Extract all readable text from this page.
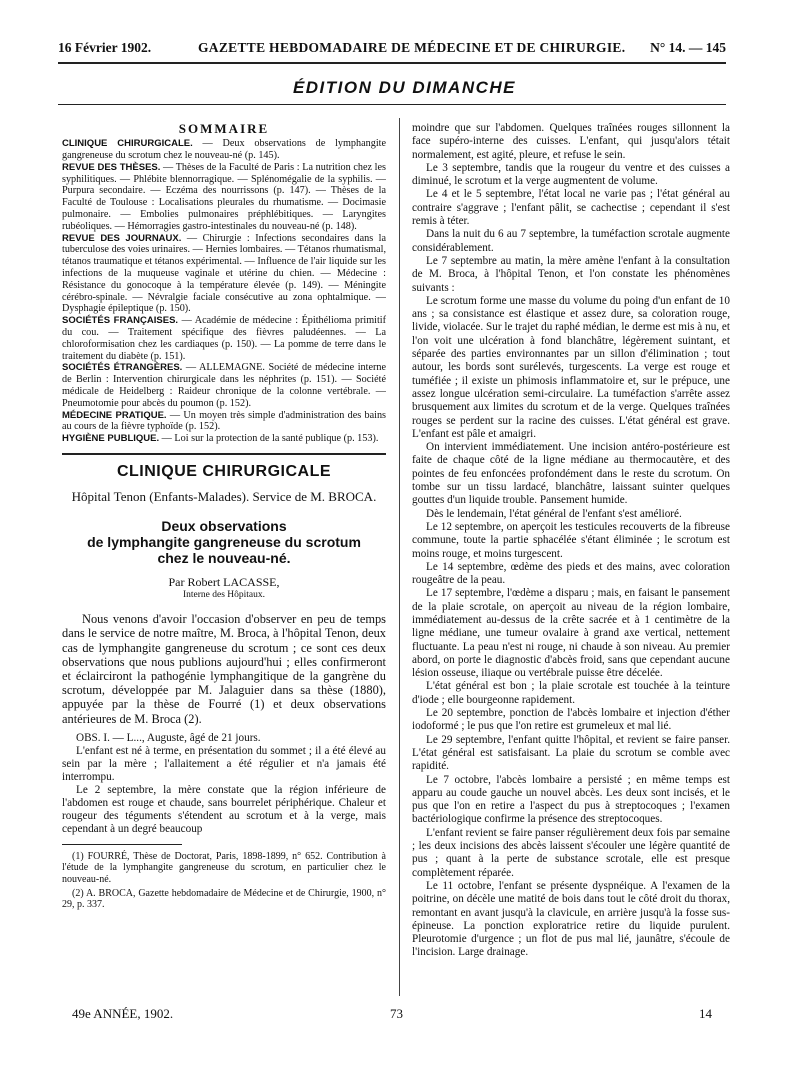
16 Février 1902.	GAZETTE HEBDOMADAIRE DE MÉDECINE ET DE CHIRURGIE. N° 14. — 145
ÉDITION DU DIMANCHE
SOMMAIRE

CLINIQUE CHIRURGICALE. — Deux observations de lymphangite gangreneuse du scrotum chez le nouveau-né (p. 145).

REVUE DES THÈSES. — Thèses de la Faculté de Paris : La nutrition chez les syphilitiques. — Phlébite blennorragique. — Splénomégalie de la syphilis. — Purpura secondaire. — Eczéma des nourrissons (p. 147). — Thèses de la Faculté de Toulouse : Localisations pleurales du rhumatisme. — Docimasie pulmonaire. — Embolies pulmonaires préphlébitiques. — Laryngites rubéoliques. — Hémorragies gastro-intestinales du nouveau-né (p. 148).

REVUE DES JOURNAUX. — Chirurgie : Infections secondaires dans la tuberculose des voies urinaires. — Hernies lombaires. — Tétanos rhumatismal, tétanos traumatique et tétanos expérimental. — Influence de l'air liquide sur les infections de la muqueuse vaginale et utérine du chien. — Médecine : Résistance du gonocoque à la température élevée (p. 149). — Méningite cérébro-spinale. — Névralgie faciale consécutive au zona ophtalmique. — Dysphagie épileptique (p. 150).

SOCIÉTÉS FRANÇAISES. — Académie de médecine : Épithélioma primitif du cou. — Traitement spécifique des fièvres paludéennes. — La chloroformisation chez les cardiaques (p. 150). — La pomme de terre dans le traitement du diabète (p. 151).

SOCIÉTÉS ÉTRANGÈRES. — ALLEMAGNE. Société de médecine interne de Berlin : Intervention chirurgicale dans les néphrites (p. 151). — Société médicale de Heidelberg : Raideur chronique de la colonne vertébrale. — Pneumotomie pour abcès du poumon (p. 152).

MÉDECINE PRATIQUE. — Un moyen très simple d'administration des bains au cours de la fièvre typhoïde (p. 152).

HYGIÈNE PUBLIQUE. — Loi sur la protection de la santé publique (p. 153).

CLINIQUE CHIRURGICALE
Hôpital Tenon (Enfants-Malades). Service de M. BROCA.
Deux observations
de lymphangite gangreneuse du scrotum
chez le nouveau-né.
Par Robert LACASSE,
Interne des Hôpitaux.

Nous venons d'avoir l'occasion d'observer en peu de temps dans le service de notre maître, M. Broca, à l'hôpital Tenon, deux cas de lymphangite gangreneuse du scrotum ; ce sont ces deux observations que nous publions aujourd'hui ; elles confirmeront et éclairciront la pathogénie lymphangitique de la gangrène du scrotum, développée par M. Jalaguier dans sa thèse (1880), appuyée par la thèse de Fourré (1) et deux observations antérieures de M. Broca (2).

OBS. I. — L..., Auguste, âgé de 21 jours.

L'enfant est né à terme, en présentation du sommet ; il a été élevé au sein par la mère ; l'allaitement a été régulier et n'a jamais été interrompu.

Le 2 septembre, la mère constate que la région inférieure de l'abdomen est rouge et chaude, sans bourrelet périphérique. Chaleur et rougeur des téguments s'étendent au scrotum et à la verge, mais cependant à un degré beaucoup

(1) FOURRÉ, Thèse de Doctorat, Paris, 1898-1899, n° 652. Contribution à l'étude de la lymphangite gangreneuse du scrotum, en particulier chez le nouveau-né.

(2) A. BROCA, Gazette hebdomadaire de Médecine et de Chirurgie, 1900, n° 29, p. 337.

moindre que sur l'abdomen. Quelques traînées rouges sillonnent la face supéro-interne des cuisses. L'enfant, qui jusqu'alors tétait normalement, est agité, pleure, et refuse le sein.

Le 3 septembre, tandis que la rougeur du ventre et des cuisses a diminué, le scrotum et la verge augmentent de volume.

Le 4 et le 5 septembre, l'état local ne varie pas ; l'état général au contraire s'aggrave ; l'enfant pâlit, se cachectise ; cependant il s'est remis à téter.

Dans la nuit du 6 au 7 septembre, la tuméfaction scrotale augmente considérablement.

Le 7 septembre au matin, la mère amène l'enfant à la consultation de M. Broca, à l'hôpital Tenon, et l'on constate les phénomènes suivants :

Le scrotum forme une masse du volume du poing d'un enfant de 10 ans ; sa consistance est élastique et assez dure, sa coloration rouge, livide, violacée. Sur le trajet du raphé médian, le derme est mis à nu, et l'on voit une ulcération à fond blanchâtre, légèrement suintant, et séparée des parties environnantes par un sillon d'élimination ; tout autour, les bords sont surélevés, turgescents. La verge est rouge et tuméfiée ; il existe un phimosis inflammatoire et, sur le prépuce, une assez longue ulcération semi-circulaire. La tuméfaction s'arrête assez brusquement aux limites du scrotum et de la verge. Quelques traînées rouges se perdent sur la racine des cuisses. L'état général est grave. L'enfant est pâle et amaigri.

On intervient immédiatement. Une incision antéro-postérieure est faite de chaque côté de la ligne médiane au thermocautère, et des pointes de feu enfoncées profondément dans le reste du scrotum. On tombe sur un tissu lardacé, blanchâtre, laissant suinter quelques gouttes d'un liquide trouble. Pansement humide.

Dès le lendemain, l'état général de l'enfant s'est amélioré.

Le 12 septembre, on aperçoit les testicules recouverts de la fibreuse commune, toute la partie sphacélée s'étant éliminée ; le scrotum est moins rouge, et moins turgescent.

Le 14 septembre, œdème des pieds et des mains, avec coloration rougeâtre de la peau.

Le 17 septembre, l'œdème a disparu ; mais, en faisant le pansement de la plaie scrotale, on aperçoit au niveau de la région lombaire, immédiatement au-dessus de la crête sacrée et à 1 centimètre de la ligne médiane, une tumeur ovalaire à grand axe vertical, nettement fluctuante. La peau n'est ni rouge, ni chaude à son niveau. Au premier abord, on porte le diagnostic d'abcès froid, sans que cependant aucune lésion osseuse, iliaque ou vertébrale puisse être décelée.

L'état général est bon ; la plaie scrotale est touchée à la teinture d'iode ; elle bourgeonne rapidement.

Le 20 septembre, ponction de l'abcès lombaire et injection d'éther iodoformé ; le pus que l'on retire est grumeleux et mal lié.

Le 29 septembre, l'enfant quitte l'hôpital, et revient se faire panser. L'état général est satisfaisant. La plaie du scrotum se comble avec rapidité.

Le 7 octobre, l'abcès lombaire a persisté ; en même temps est apparu au coude gauche un nouvel abcès. Les deux sont incisés, et le pus que l'on en retire a l'aspect du pus à streptocoques ; l'examen bactériologique confirme la présence des streptocoques.

L'enfant revient se faire panser régulièrement deux fois par semaine ; les deux incisions des abcès laissent s'écouler une légère quantité de pus ; quant à la perte de substance scrotale, elle est presque complètement réparée.

Le 11 octobre, l'enfant se présente dyspnéique. A l'examen de la poitrine, on décèle une matité de bois dans tout le côté droit du thorax, remontant en avant jusqu'à la clavicule, en arrière jusqu'à la fosse sus-épineuse. La ponction exploratrice retire du liquide purulent. Pleurotomie d'urgence ; un flot de pus mal lié, jaunâtre, s'écoule de l'incision. Large drainage.

49e ANNÉE, 1902.	73	14
